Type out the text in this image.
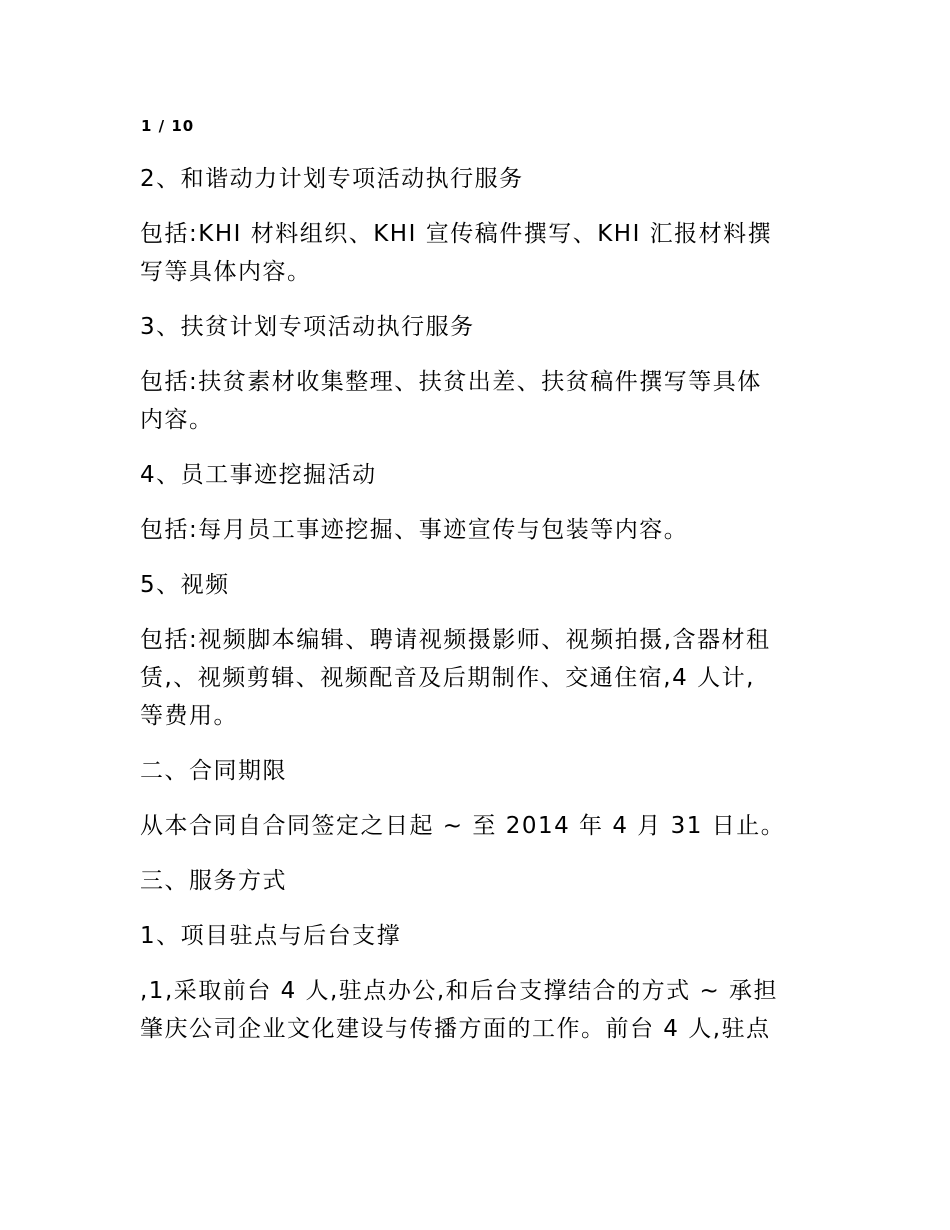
1 / 10

2、和谐动力计划专项活动执行服务

包括:KHI 材料组织、KHI 宣传稿件撰写、KHI 汇报材料撰
写等具体内容。

3、扶贫计划专项活动执行服务

包括:扶贫素材收集整理、扶贫出差、扶贫稿件撰写等具体
内容。

4、员工事迹挖掘活动

包括:每月员工事迹挖掘、事迹宣传与包装等内容。

5、视频

包括:视频脚本编辑、聘请视频摄影师、视频拍摄,含器材租
赁,、视频剪辑、视频配音及后期制作、交通住宿,4 人计,
等费用。

二、合同期限

从本合同自合同签定之日起 ~ 至 2014 年 4 月 31 日止。

三、服务方式

1、项目驻点与后台支撑

,1,采取前台 4 人,驻点办公,和后台支撑结合的方式 ~ 承担
肇庆公司企业文化建设与传播方面的工作。前台 4 人,驻点
